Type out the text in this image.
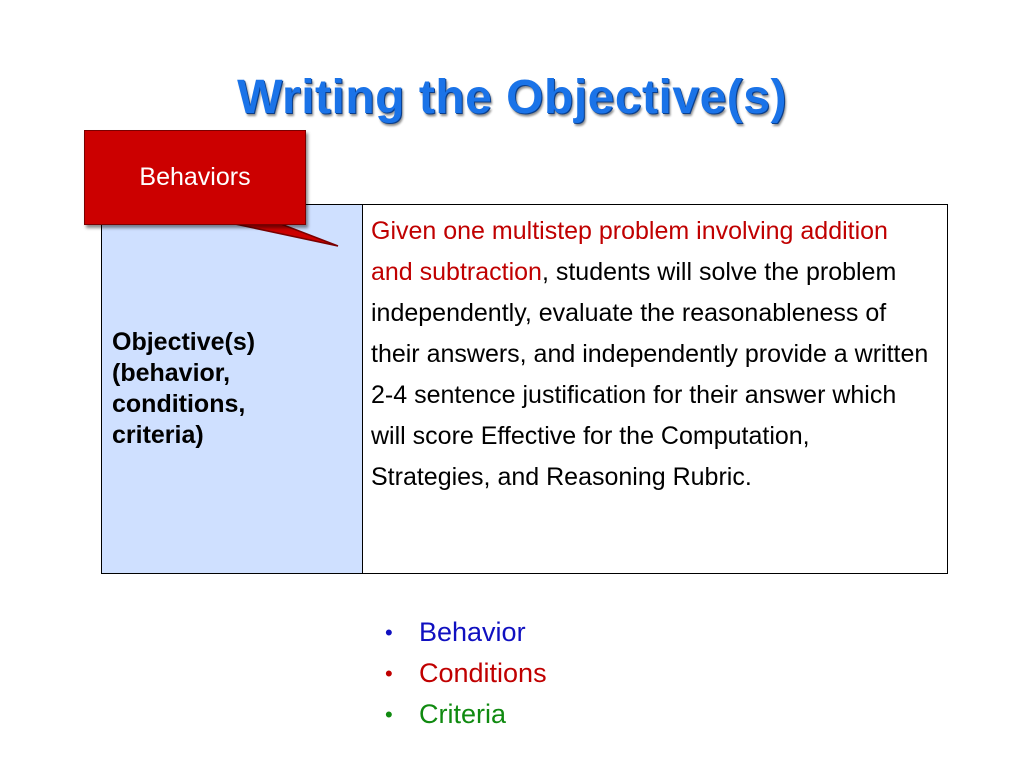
Writing the Objective(s)
Objective(s)
(behavior,
conditions,
criteria)
	Given one multistep problem involving addition and subtraction, students will solve the problem independently, evaluate the reasonableness of their answers, and independently provide a written 2-4 sentence justification for their answer which will score Effective for the Computation, Strategies, and Reasoning Rubric.
Behaviors
• Behavior
• Conditions
• Criteria
